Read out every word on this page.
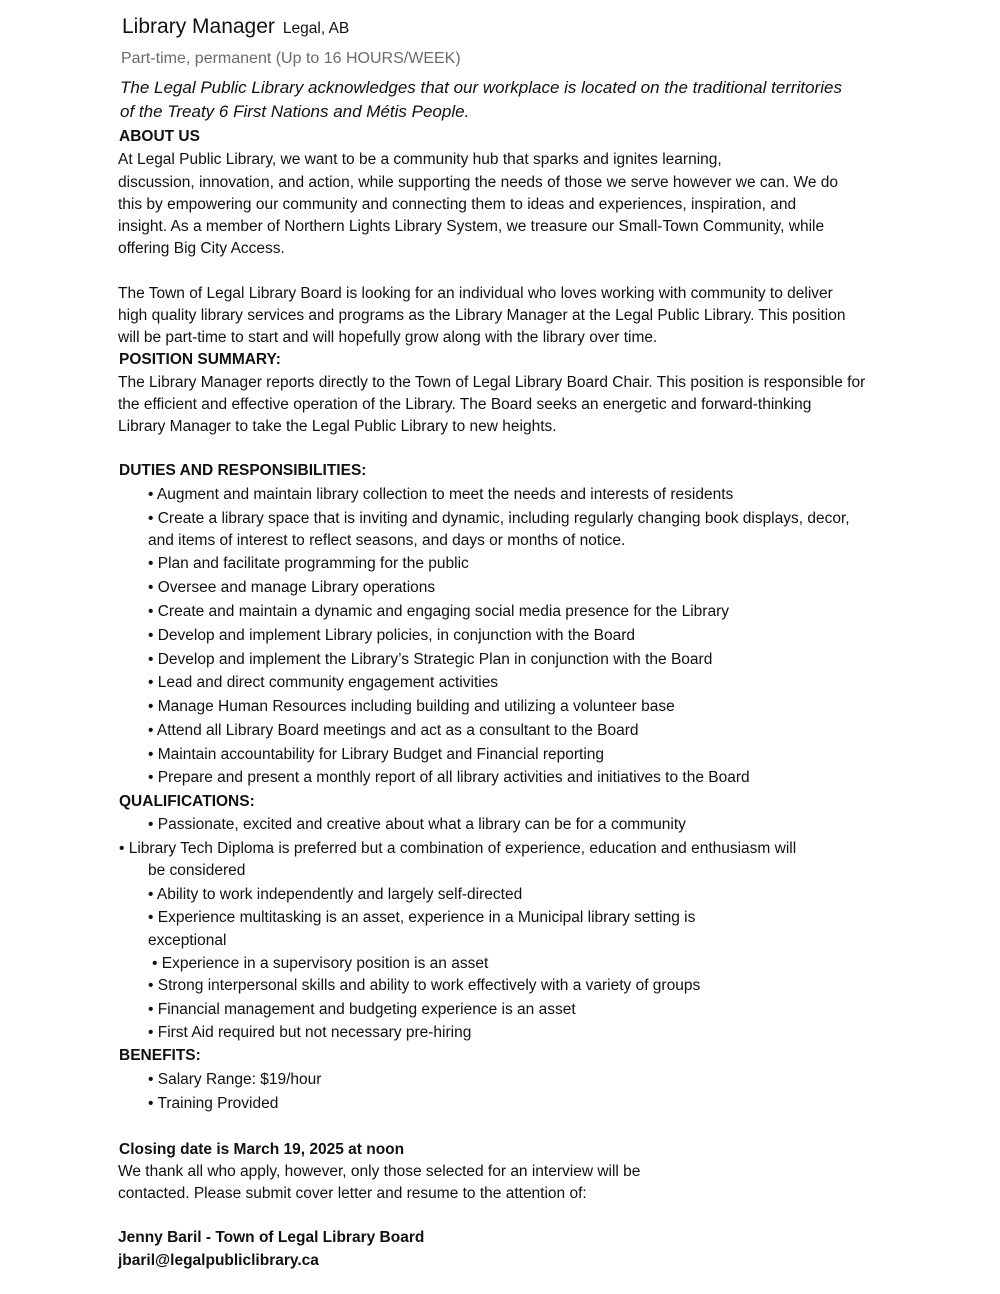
Library Manager Legal, AB
Part-time, permanent (Up to 16 HOURS/WEEK)
The Legal Public Library acknowledges that our workplace is located on the traditional territories
of the Treaty 6 First Nations and Métis People.
ABOUT US
At Legal Public Library, we want to be a community hub that sparks and ignites learning,
discussion, innovation, and action, while supporting the needs of those we serve however we can. We do
this by empowering our community and connecting them to ideas and experiences, inspiration, and
insight. As a member of Northern Lights Library System, we treasure our Small-Town Community, while
offering Big City Access.
The Town of Legal Library Board is looking for an individual who loves working with community to deliver
high quality library services and programs as the Library Manager at the Legal Public Library. This position
will be part-time to start and will hopefully grow along with the library over time.
POSITION SUMMARY:
The Library Manager reports directly to the Town of Legal Library Board Chair. This position is responsible for
the efficient and effective operation of the Library. The Board seeks an energetic and forward-thinking
Library Manager to take the Legal Public Library to new heights.
DUTIES AND RESPONSIBILITIES:
• Augment and maintain library collection to meet the needs and interests of residents
• Create a library space that is inviting and dynamic, including regularly changing book displays, decor,
and items of interest to reflect seasons, and days or months of notice.
• Plan and facilitate programming for the public
• Oversee and manage Library operations
• Create and maintain a dynamic and engaging social media presence for the Library
• Develop and implement Library policies, in conjunction with the Board
• Develop and implement the Library’s Strategic Plan in conjunction with the Board
• Lead and direct community engagement activities
• Manage Human Resources including building and utilizing a volunteer base
• Attend all Library Board meetings and act as a consultant to the Board
• Maintain accountability for Library Budget and Financial reporting
• Prepare and present a monthly report of all library activities and initiatives to the Board
QUALIFICATIONS:
• Passionate, excited and creative about what a library can be for a community
• Library Tech Diploma is preferred but a combination of experience, education and enthusiasm will
be considered
• Ability to work independently and largely self-directed
• Experience multitasking is an asset, experience in a Municipal library setting is
exceptional
• Experience in a supervisory position is an asset
• Strong interpersonal skills and ability to work effectively with a variety of groups
• Financial management and budgeting experience is an asset
• First Aid required but not necessary pre-hiring
BENEFITS:
• Salary Range: $19/hour
• Training Provided
Closing date is March 19, 2025 at noon
We thank all who apply, however, only those selected for an interview will be
contacted. Please submit cover letter and resume to the attention of:
Jenny Baril - Town of Legal Library Board
jbaril@legalpubliclibrary.ca
